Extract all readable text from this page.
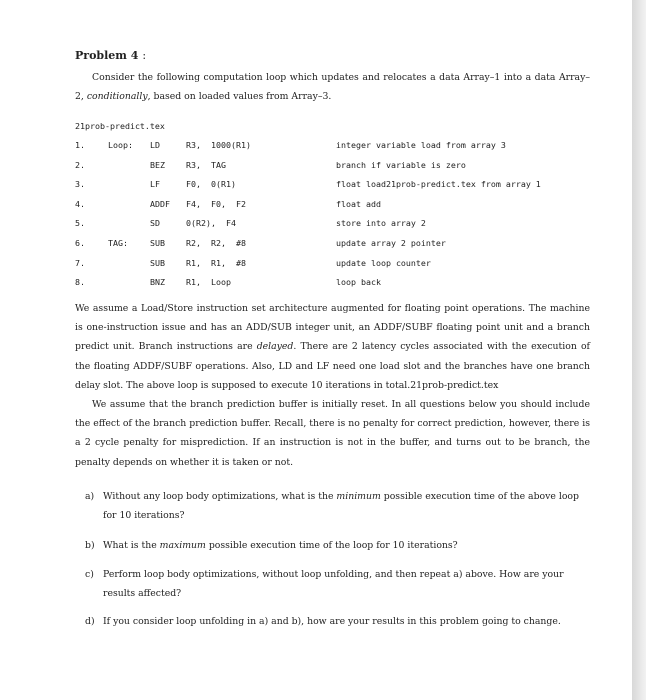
Problem 4 :
Consider the following computation loop which updates and relocates a data Array–1 into a data Array–2, conditionally, based on loaded values from Array–3.
21prob-predict.tex
1.	Loop: LD	R3,  1000(R1)	integer variable load from array 3
2.	BEZ	R3,  TAG	branch if variable is zero
3.	LF	F0,  0(R1)	float load21prob-predict.tex from array 1
4.	ADDF F4,  F0,  F2	float add
5.	SD	0(R2),  F4	store into array 2
6.	TAG:	SUB	R2,  R2,  #8	update array 2 pointer
7.	SUB	R1,  R1,  #8	update loop counter
8.	BNZ	R1,  Loop	loop back
We assume a Load/Store instruction set architecture augmented for floating point operations. The machine is one-instruction issue and has an ADD/SUB integer unit, an ADDF/SUBF floating point unit and a branch predict unit. Branch instructions are delayed. There are 2 latency cycles associated with the execution of the floating ADDF/SUBF operations. Also, LD and LF need one load slot and the branches have one branch delay slot. The above loop is supposed to execute 10 iterations in total.21prob-predict.tex
We assume that the branch prediction buffer is initially reset. In all questions below you should include the effect of the branch prediction buffer. Recall, there is no penalty for correct prediction, however, there is a 2 cycle penalty for misprediction. If an instruction is not in the buffer, and turns out to be branch, the penalty depends on whether it is taken or not.
a) Without any loop body optimizations, what is the minimum possible execution time of the above loop for 10 iterations?
b) What is the maximum possible execution time of the loop for 10 iterations?
c) Perform loop body optimizations, without loop unfolding, and then repeat a) above. How are your results affected?
d) If you consider loop unfolding in a) and b), how are your results in this problem going to change.
